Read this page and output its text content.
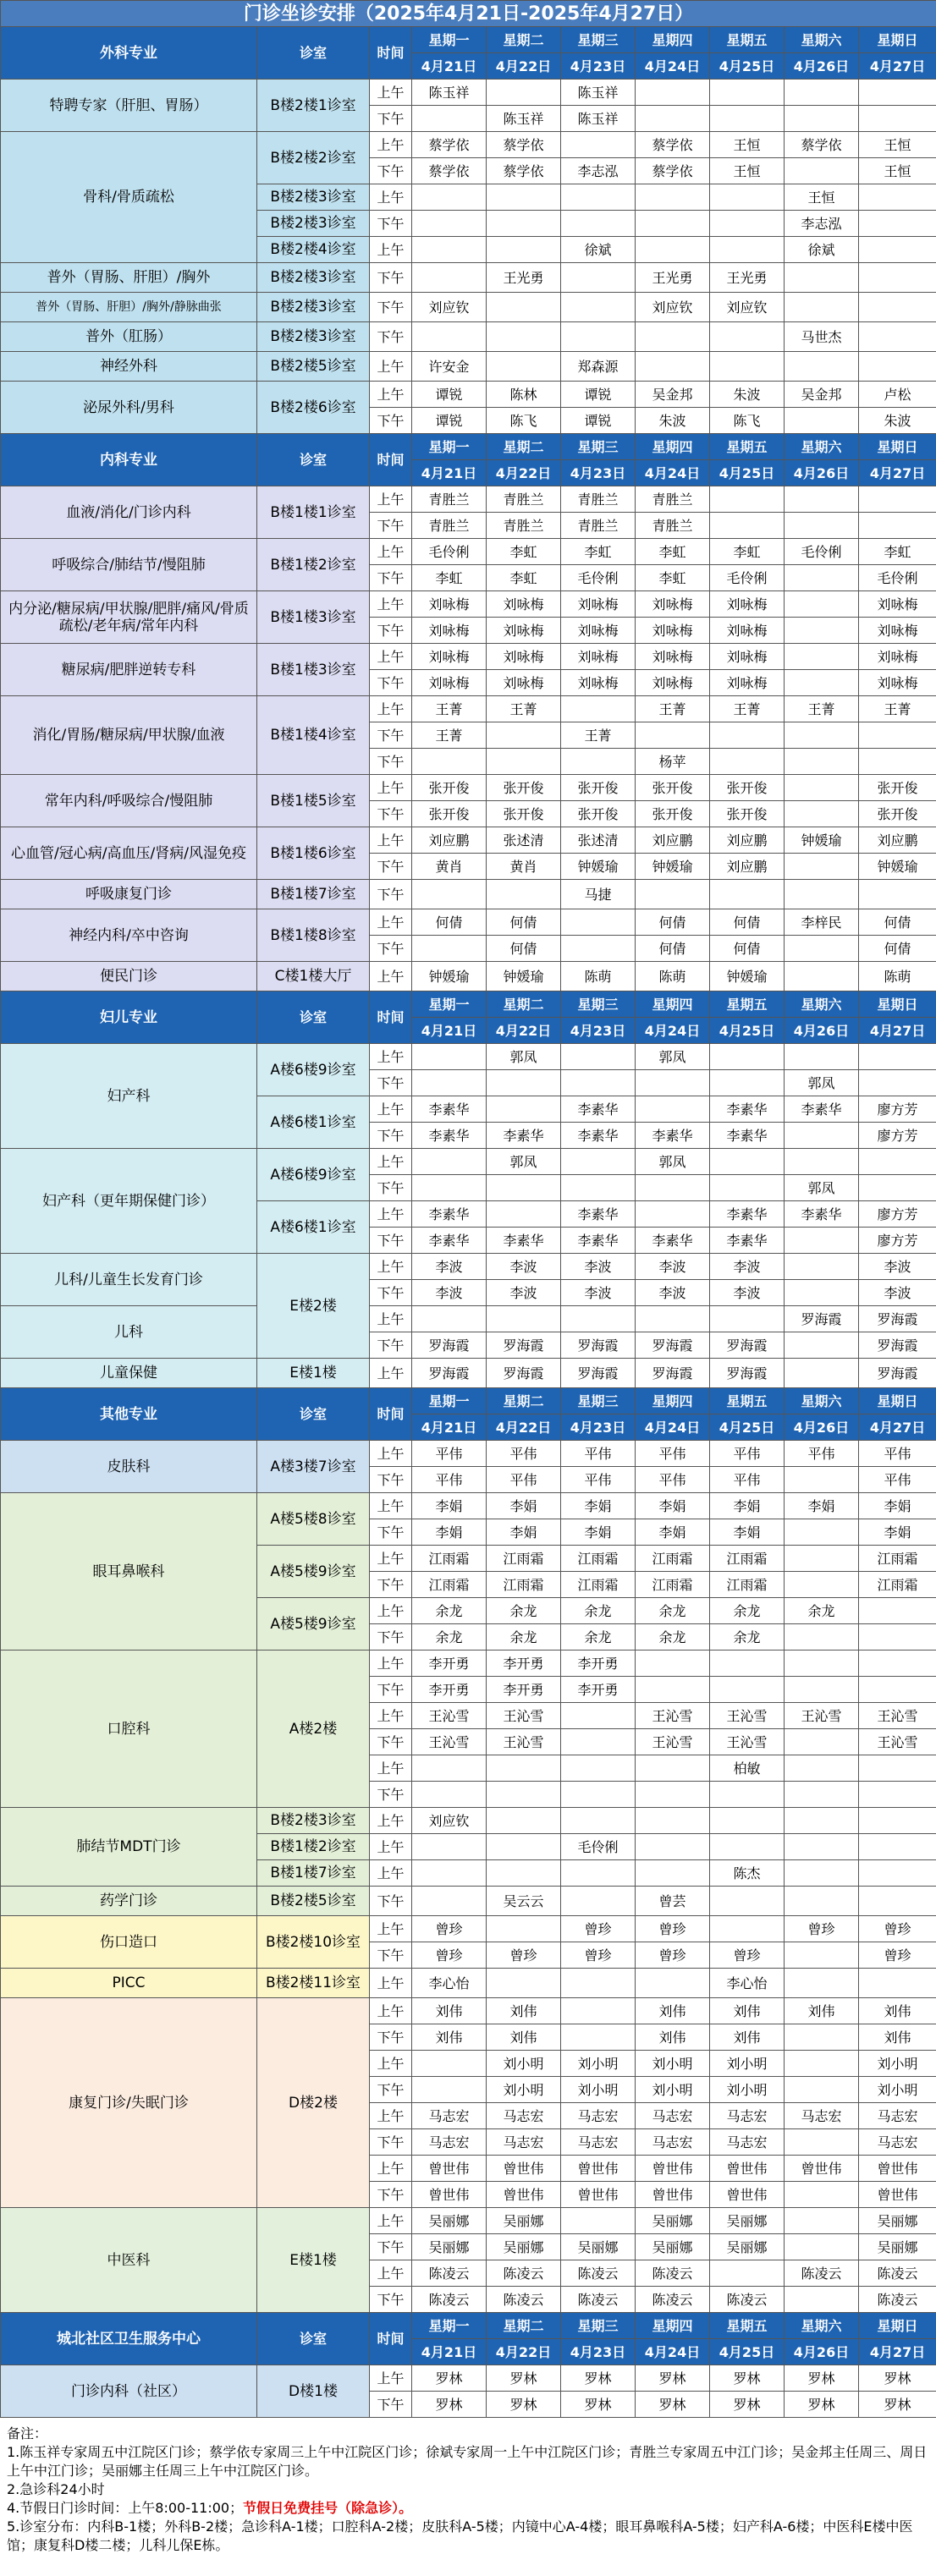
门诊坐诊安排（2025年4月21日-2025年4月27日）									
外科专业	诊室	时间	星期一	星期二	星期三	星期四	星期五	星期六	星期日
			4月21日	4月22日	4月23日	4月24日	4月25日	4月26日	4月27日
特聘专家（肝胆、胃肠）	B楼2楼1诊室	上午	陈玉祥		陈玉祥				
		下午		陈玉祥	陈玉祥				
骨科/骨质疏松	B楼2楼2诊室	上午	蔡学依	蔡学依		蔡学依	王恒	蔡学依	王恒
		下午	蔡学依	蔡学依	李志泓	蔡学依	王恒		王恒
	B楼2楼3诊室	上午						王恒	
	B楼2楼3诊室	下午						李志泓	
	B楼2楼4诊室	上午			徐斌			徐斌	
普外（胃肠、肝胆）/胸外	B楼2楼3诊室	下午		王光勇		王光勇	王光勇		
普外（胃肠、肝胆）/胸外/静脉曲张	B楼2楼3诊室	下午	刘应钦			刘应钦	刘应钦		
普外（肛肠）	B楼2楼3诊室	下午						马世杰	
神经外科	B楼2楼5诊室	上午	许安金		郑森源				
泌尿外科/男科	B楼2楼6诊室	上午	谭锐	陈林	谭锐	吴金邦	朱波	吴金邦	卢松
		下午	谭锐	陈飞	谭锐	朱波	陈飞		朱波
内科专业	诊室	时间	星期一	星期二	星期三	星期四	星期五	星期六	星期日
			4月21日	4月22日	4月23日	4月24日	4月25日	4月26日	4月27日
血液/消化/门诊内科	B楼1楼1诊室	上午	青胜兰	青胜兰	青胜兰	青胜兰			
		下午	青胜兰	青胜兰	青胜兰	青胜兰			
呼吸综合/肺结节/慢阻肺	B楼1楼2诊室	上午	毛伶俐	李虹	李虹	李虹	李虹	毛伶俐	李虹
		下午	李虹	李虹	毛伶俐	李虹	毛伶俐		毛伶俐
内分泌/糖尿病/甲状腺/肥胖/痛风/骨质疏松/老年病/常年内科	B楼1楼3诊室	上午	刘咏梅	刘咏梅	刘咏梅	刘咏梅	刘咏梅		刘咏梅
		下午	刘咏梅	刘咏梅	刘咏梅	刘咏梅	刘咏梅		刘咏梅
糖尿病/肥胖逆转专科	B楼1楼3诊室	上午	刘咏梅	刘咏梅	刘咏梅	刘咏梅	刘咏梅		刘咏梅
		下午	刘咏梅	刘咏梅	刘咏梅	刘咏梅	刘咏梅		刘咏梅
消化/胃肠/糖尿病/甲状腺/血液	B楼1楼4诊室	上午	王菁	王菁		王菁	王菁	王菁	王菁
		下午	王菁		王菁				
		下午				杨苹			
常年内科/呼吸综合/慢阻肺	B楼1楼5诊室	上午	张开俊	张开俊	张开俊	张开俊	张开俊		张开俊
		下午	张开俊	张开俊	张开俊	张开俊	张开俊		张开俊
心血管/冠心病/高血压/肾病/风湿免疫	B楼1楼6诊室	上午	刘应鹏	张述清	张述清	刘应鹏	刘应鹏	钟媛瑜	刘应鹏
		下午	黄肖	黄肖	钟媛瑜	钟媛瑜	刘应鹏		钟媛瑜
呼吸康复门诊	B楼1楼7诊室	下午			马捷				
神经内科/卒中咨询	B楼1楼8诊室	上午	何倩	何倩		何倩	何倩	李梓民	何倩
		下午		何倩		何倩	何倩		何倩
便民门诊	C楼1楼大厅	上午	钟媛瑜	钟媛瑜	陈萌	陈萌	钟媛瑜		陈萌
妇儿专业	诊室	时间	星期一	星期二	星期三	星期四	星期五	星期六	星期日
			4月21日	4月22日	4月23日	4月24日	4月25日	4月26日	4月27日
妇产科	A楼6楼9诊室	上午		郭凤		郭凤			
		下午						郭凤	
	A楼6楼1诊室	上午	李素华		李素华		李素华	李素华	廖方芳
		下午	李素华	李素华	李素华	李素华	李素华		廖方芳
妇产科（更年期保健门诊）	A楼6楼9诊室	上午		郭凤		郭凤			
		下午						郭凤	
	A楼6楼1诊室	上午	李素华		李素华		李素华	李素华	廖方芳
		下午	李素华	李素华	李素华	李素华	李素华		廖方芳
儿科/儿童生长发育门诊	E楼2楼	上午	李波	李波	李波	李波	李波		李波
		下午	李波	李波	李波	李波	李波		李波
儿科		上午						罗海霞	罗海霞
		下午	罗海霞	罗海霞	罗海霞	罗海霞	罗海霞		罗海霞
儿童保健	E楼1楼	上午	罗海霞	罗海霞	罗海霞	罗海霞	罗海霞		罗海霞
其他专业	诊室	时间	星期一	星期二	星期三	星期四	星期五	星期六	星期日
			4月21日	4月22日	4月23日	4月24日	4月25日	4月26日	4月27日
皮肤科	A楼3楼7诊室	上午	平伟	平伟	平伟	平伟	平伟	平伟	平伟
		下午	平伟	平伟	平伟	平伟	平伟		平伟
眼耳鼻喉科	A楼5楼8诊室	上午	李娟	李娟	李娟	李娟	李娟	李娟	李娟
		下午	李娟	李娟	李娟	李娟	李娟		李娟
	A楼5楼9诊室	上午	江雨霜	江雨霜	江雨霜	江雨霜	江雨霜		江雨霜
		下午	江雨霜	江雨霜	江雨霜	江雨霜	江雨霜		江雨霜
	A楼5楼9诊室	上午	余龙	余龙	余龙	余龙	余龙	余龙	
		下午	余龙	余龙	余龙	余龙	余龙		
口腔科	A楼2楼	上午	李开勇	李开勇	李开勇				
		下午	李开勇	李开勇	李开勇				
		上午	王沁雪	王沁雪		王沁雪	王沁雪	王沁雪	王沁雪
		下午	王沁雪	王沁雪		王沁雪	王沁雪		王沁雪
		上午					柏敏		
		下午							
肺结节MDT门诊	B楼2楼3诊室	上午	刘应钦						
	B楼1楼2诊室	上午			毛伶俐				
	B楼1楼7诊室	上午					陈杰		
药学门诊	B楼2楼5诊室	下午		吴云云		曾芸			
伤口造口	B楼2楼10诊室	上午	曾珍		曾珍	曾珍		曾珍	曾珍
		下午	曾珍	曾珍	曾珍	曾珍	曾珍		曾珍
PICC	B楼2楼11诊室	上午	李心怡				李心怡		
康复门诊/失眠门诊	D楼2楼	上午	刘伟	刘伟		刘伟	刘伟	刘伟	刘伟
		下午	刘伟	刘伟		刘伟	刘伟		刘伟
		上午		刘小明	刘小明	刘小明	刘小明		刘小明
		下午		刘小明	刘小明	刘小明	刘小明		刘小明
		上午	马志宏	马志宏	马志宏	马志宏	马志宏	马志宏	马志宏
		下午	马志宏	马志宏	马志宏	马志宏	马志宏		马志宏
		上午	曾世伟	曾世伟	曾世伟	曾世伟	曾世伟	曾世伟	曾世伟
		下午	曾世伟	曾世伟	曾世伟	曾世伟	曾世伟		曾世伟
中医科	E楼1楼	上午	吴丽娜	吴丽娜		吴丽娜	吴丽娜		吴丽娜
		下午	吴丽娜	吴丽娜	吴丽娜	吴丽娜	吴丽娜		吴丽娜
		上午	陈凌云	陈凌云	陈凌云	陈凌云		陈凌云	陈凌云
		下午	陈凌云	陈凌云	陈凌云	陈凌云	陈凌云		陈凌云
城北社区卫生服务中心	诊室	时间	星期一	星期二	星期三	星期四	星期五	星期六	星期日
			4月21日	4月22日	4月23日	4月24日	4月25日	4月26日	4月27日
门诊内科（社区）	D楼1楼	上午	罗林	罗林	罗林	罗林	罗林	罗林	罗林
		下午	罗林	罗林	罗林	罗林	罗林	罗林	罗林
备注：
1.陈玉祥专家周五中江院区门诊；蔡学依专家周三上午中江院区门诊；徐斌专家周一上午中江院区门诊；青胜兰专家周五中江门诊；吴金邦主任周三、周日上午中江门诊；吴丽娜主任周三上午中江院区门诊。
2.急诊科24小时
4.节假日门诊时间：上午8:00-11:00；节假日免费挂号（除急诊）。
5.诊室分布：内科B-1楼；外科B-2楼；急诊科A-1楼；口腔科A-2楼；皮肤科A-5楼；内镜中心A-4楼；眼耳鼻喉科A-5楼；妇产科A-6楼；中医科E楼中医馆；康复科D楼二楼；儿科儿保E栋。
